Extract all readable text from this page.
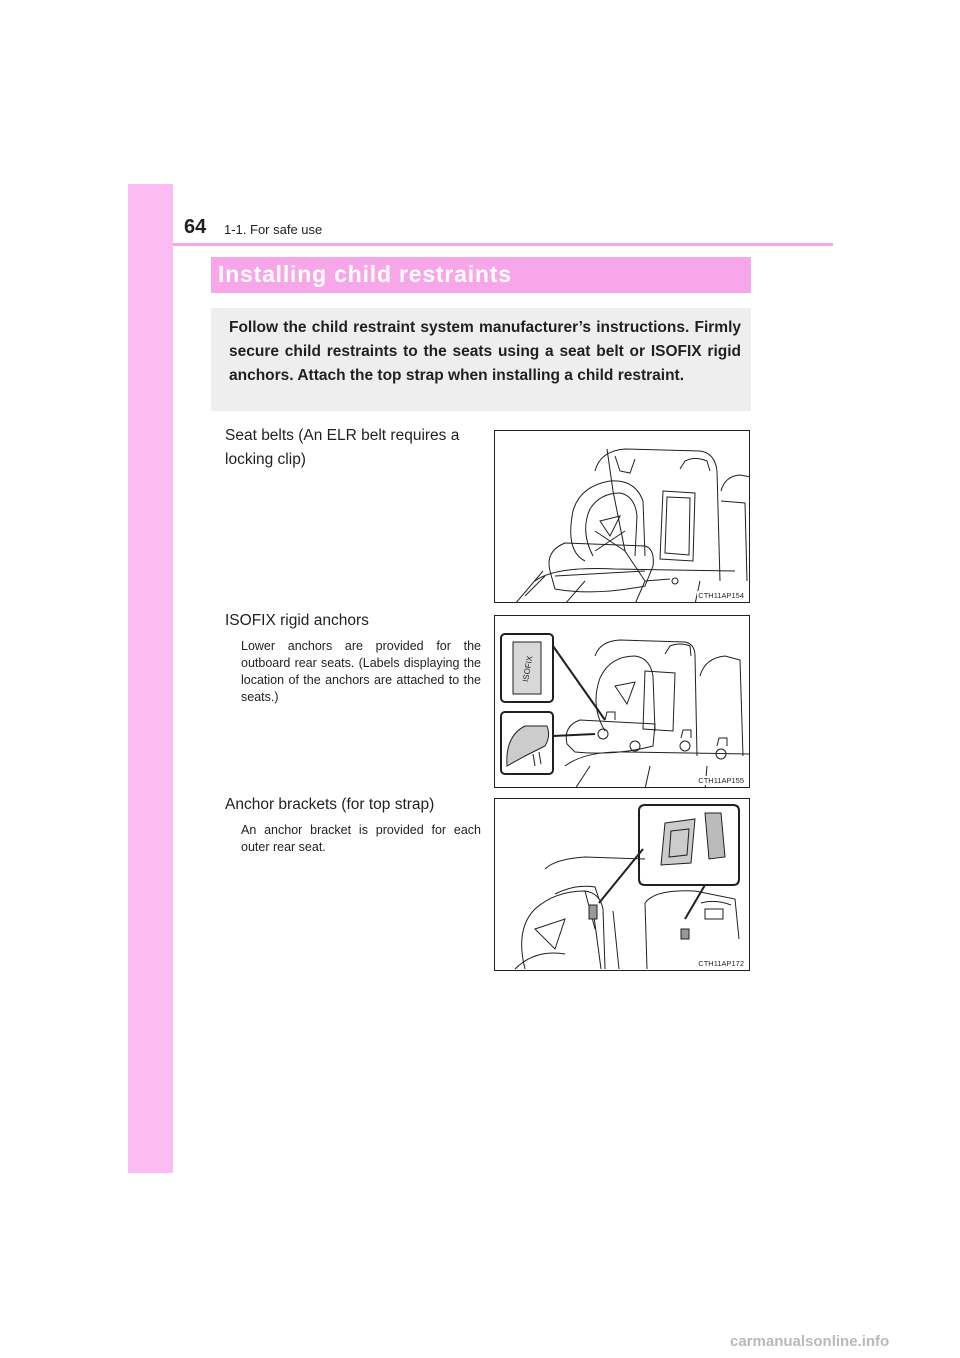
64 1-1. For safe use
Installing child restraints

Follow the child restraint system manufacturer’s instructions. Firmly secure child restraints to the seats using a seat belt or ISOFIX rigid anchors. Attach the top strap when installing a child restraint.

Seat belts (An ELR belt requires a locking clip)

CTH11AP154

ISOFIX rigid anchors

Lower anchors are provided for the outboard rear seats. (Labels displaying the location of the anchors are attached to the seats.)

ISOFIX
CTH11AP155

Anchor brackets (for top strap)

An anchor bracket is provided for each outer rear seat.

CTH11AP172
carmanualsonline.info
